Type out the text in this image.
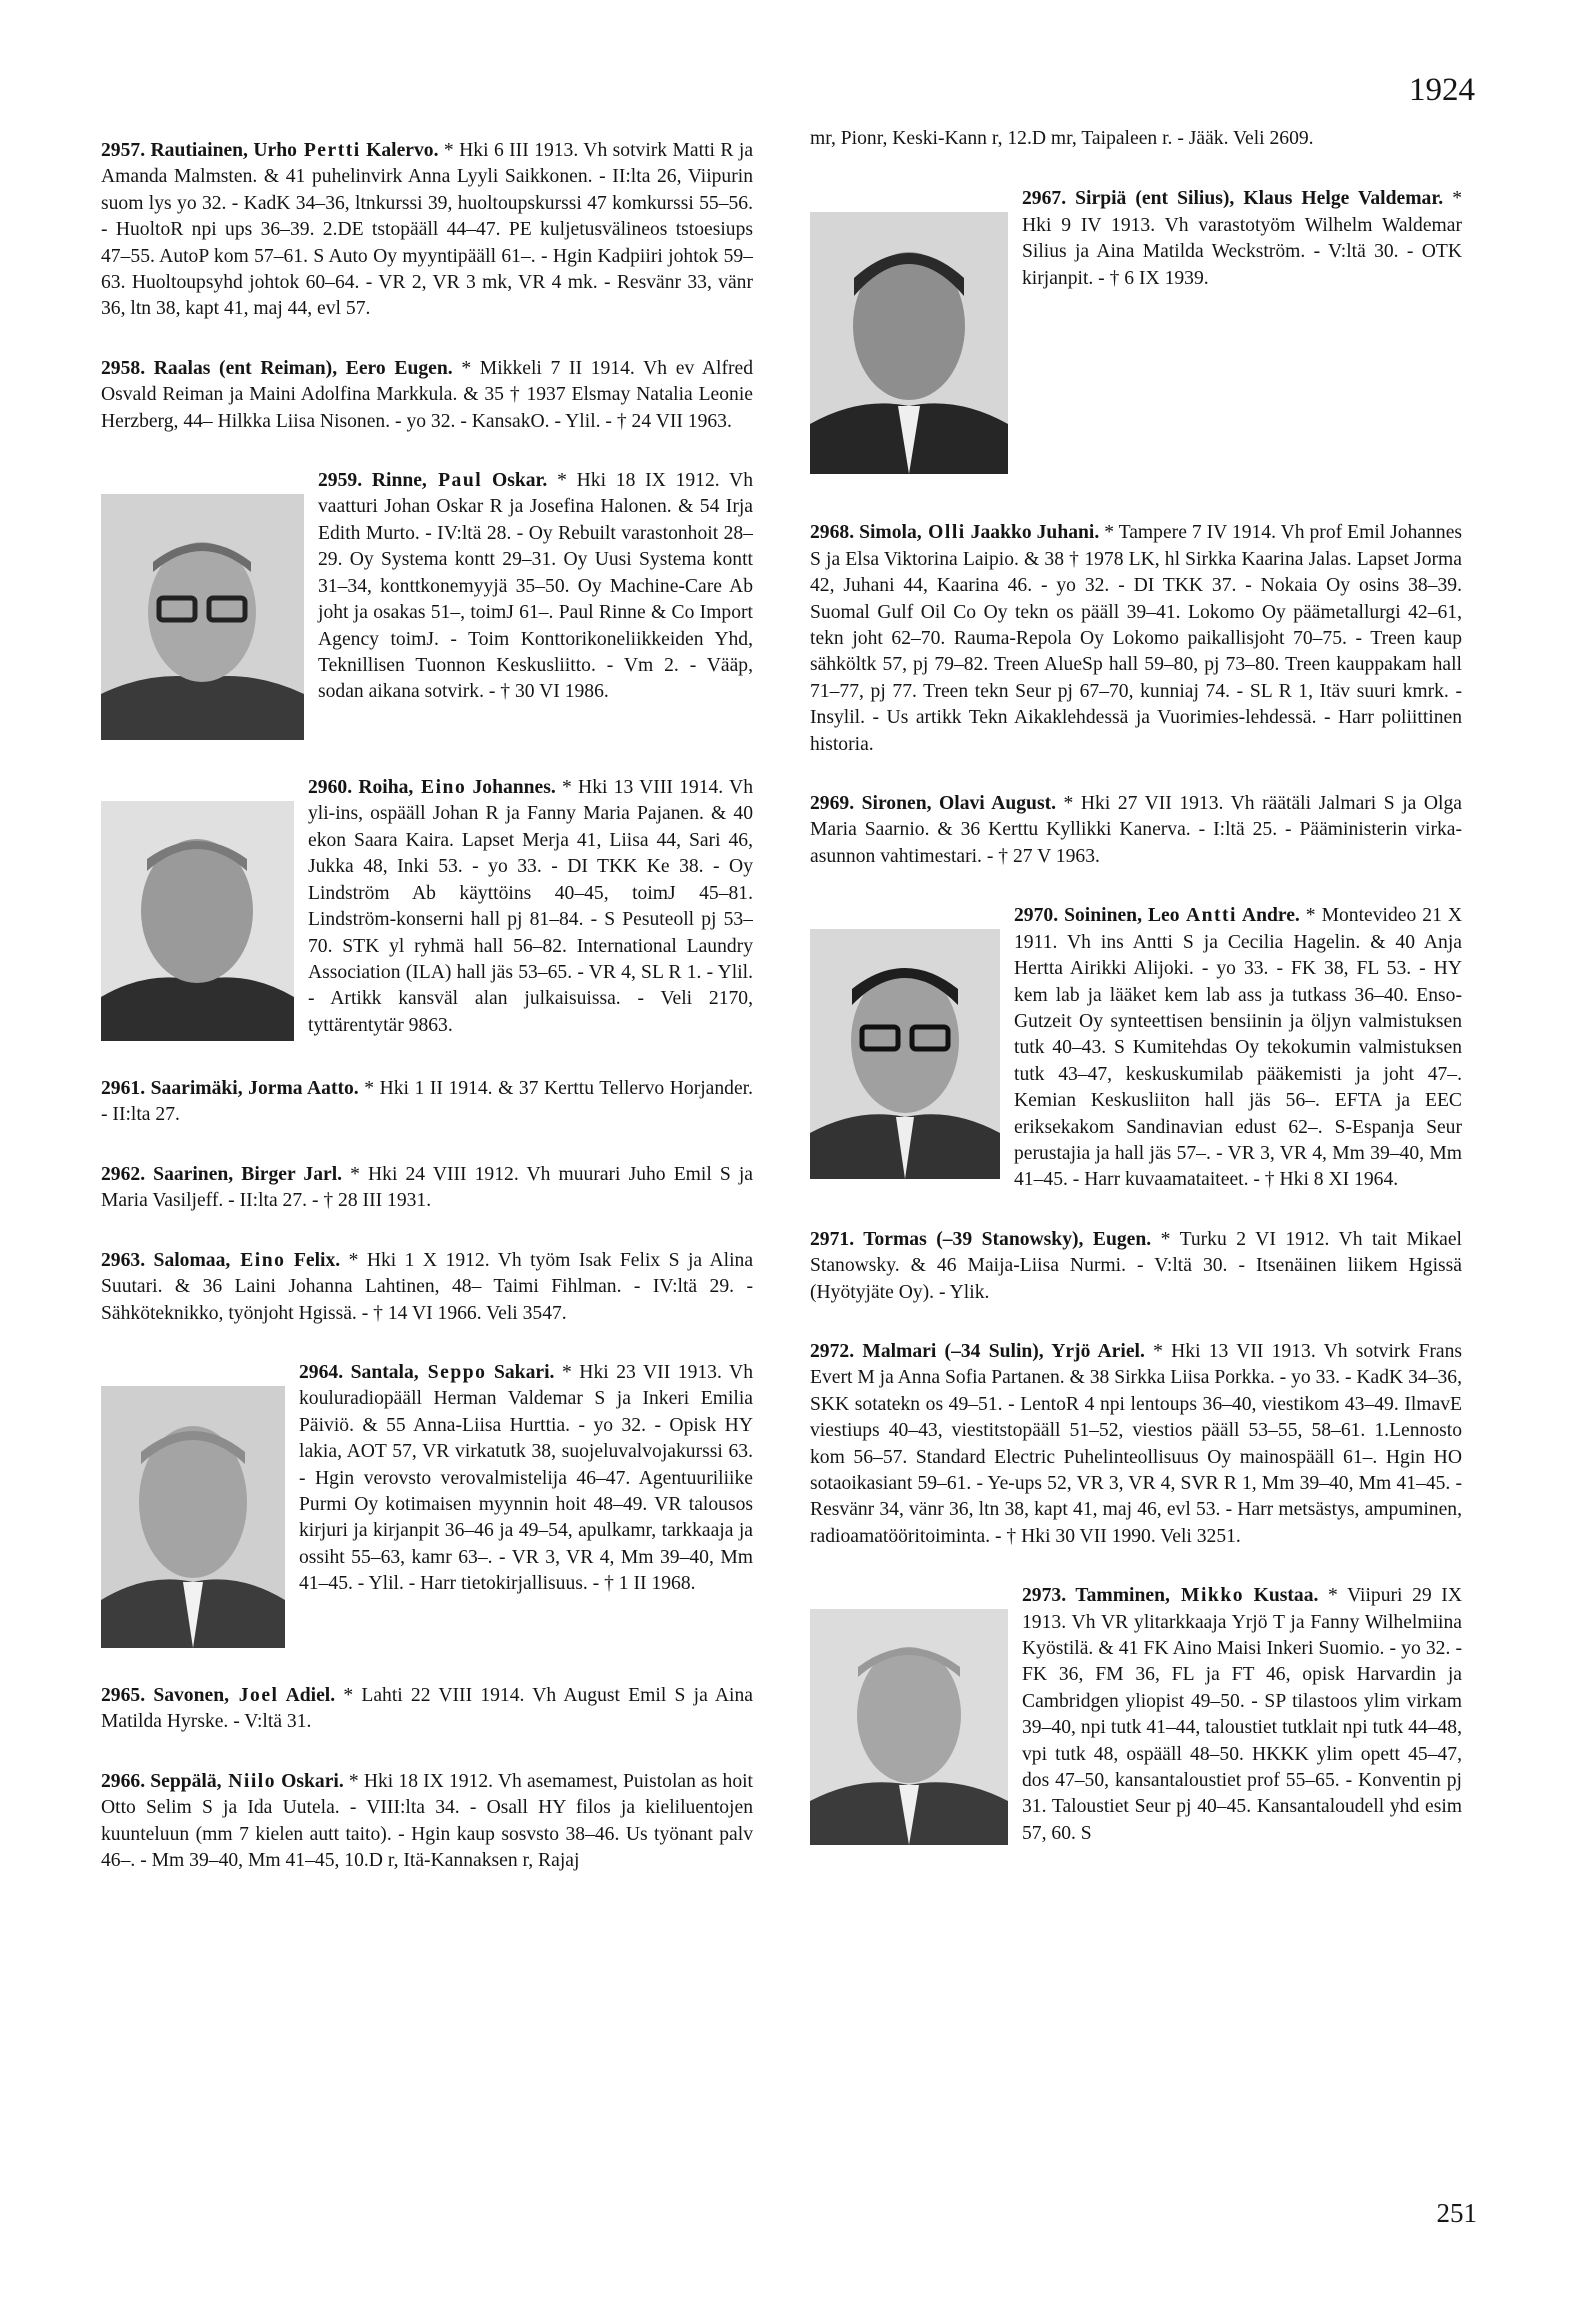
1924
2957. Rautiainen, Urho Pertti Kalervo. * Hki 6 III 1913. Vh sotvirk Matti R ja Amanda Malmsten. & 41 puhelinvirk Anna Lyyli Saikkonen. - II:lta 26, Viipurin suom lys yo 32. - KadK 34–36, ltnkurssi 39, huoltoupskurssi 47 komkurssi 55–56. - HuoltoR npi ups 36–39. 2.DE tstopääll 44–47. PE kuljetusvälineos tstoesiups 47–55. AutoP kom 57–61. S Auto Oy myyntipääll 61–. - Hgin Kadpiiri johtok 59–63. Huoltoupsyhd johtok 60–64. - VR 2, VR 3 mk, VR 4 mk. - Resvänr 33, vänr 36, ltn 38, kapt 41, maj 44, evl 57.
2958. Raalas (ent Reiman), Eero Eugen. * Mikkeli 7 II 1914. Vh ev Alfred Osvald Reiman ja Maini Adolfina Markkula. & 35 † 1937 Elsmay Natalia Leonie Herzberg, 44– Hilkka Liisa Nisonen. - yo 32. - KansakO. - Ylil. - † 24 VII 1963.
2959. Rinne, Paul Oskar. * Hki 18 IX 1912. Vh vaatturi Johan Oskar R ja Josefina Halonen. & 54 Irja Edith Murto. - IV:ltä 28. - Oy Rebuilt varastonhoit 28–29. Oy Systema kontt 29–31. Oy Uusi Systema kontt 31–34, konttkonemyyjä 35–50. Oy Machine-Care Ab joht ja osakas 51–, toimJ 61–. Paul Rinne & Co Import Agency toimJ. - Toim Konttorikoneliikkeiden Yhd, Teknillisen Tuonnon Keskusliitto. - Vm 2. - Vääp, sodan aikana sotvirk. - † 30 VI 1986.
2960. Roiha, Eino Johannes. * Hki 13 VIII 1914. Vh yli-ins, ospääll Johan R ja Fanny Maria Pajanen. & 40 ekon Saara Kaira. Lapset Merja 41, Liisa 44, Sari 46, Jukka 48, Inki 53. - yo 33. - DI TKK Ke 38. - Oy Lindström Ab käyttöins 40–45, toimJ 45–81. Lindström-konserni hall pj 81–84. - S Pesuteoll pj 53–70. STK yl ryhmä hall 56–82. International Laundry Association (ILA) hall jäs 53–65. - VR 4, SL R 1. - Ylil. - Artikk kansväl alan julkaisuissa. - Veli 2170, tyttärentytär 9863.
2961. Saarimäki, Jorma Aatto. * Hki 1 II 1914. & 37 Kerttu Tellervo Horjander. - II:lta 27.
2962. Saarinen, Birger Jarl. * Hki 24 VIII 1912. Vh muurari Juho Emil S ja Maria Vasiljeff. - II:lta 27. - † 28 III 1931.
2963. Salomaa, Eino Felix. * Hki 1 X 1912. Vh työm Isak Felix S ja Alina Suutari. & 36 Laini Johanna Lahtinen, 48– Taimi Fihlman. - IV:ltä 29. - Sähköteknikko, työnjoht Hgissä. - † 14 VI 1966. Veli 3547.
2964. Santala, Seppo Sakari. * Hki 23 VII 1913. Vh kouluradiopääll Herman Valdemar S ja Inkeri Emilia Päiviö. & 55 Anna-Liisa Hurttia. - yo 32. - Opisk HY lakia, AOT 57, VR virkatutk 38, suojeluvalvojakurssi 63. - Hgin verovsto verovalmistelija 46–47. Agentuuriliike Purmi Oy kotimaisen myynnin hoit 48–49. VR talousos kirjuri ja kirjanpit 36–46 ja 49–54, apulkamr, tarkkaaja ja ossiht 55–63, kamr 63–. - VR 3, VR 4, Mm 39–40, Mm 41–45. - Ylil. - Harr tietokirjallisuus. - † 1 II 1968.
2965. Savonen, Joel Adiel. * Lahti 22 VIII 1914. Vh August Emil S ja Aina Matilda Hyrske. - V:ltä 31.
2966. Seppälä, Niilo Oskari. * Hki 18 IX 1912. Vh asemamest, Puistolan as hoit Otto Selim S ja Ida Uutela. - VIII:lta 34. - Osall HY filos ja kieliluentojen kuunteluun (mm 7 kielen autt taito). - Hgin kaup sosvsto 38–46. Us työnant palv 46–. - Mm 39–40, Mm 41–45, 10.D r, Itä-Kannaksen r, Rajaj
mr, Pionr, Keski-Kann r, 12.D mr, Taipaleen r. - Jääk. Veli 2609.
2967. Sirpiä (ent Silius), Klaus Helge Valdemar. * Hki 9 IV 1913. Vh varastotyöm Wilhelm Waldemar Silius ja Aina Matilda Weckström. - V:ltä 30. - OTK kirjanpit. - † 6 IX 1939.
2968. Simola, Olli Jaakko Juhani. * Tampere 7 IV 1914. Vh prof Emil Johannes S ja Elsa Viktorina Laipio. & 38 † 1978 LK, hl Sirkka Kaarina Jalas. Lapset Jorma 42, Juhani 44, Kaarina 46. - yo 32. - DI TKK 37. - Nokaia Oy osins 38–39. Suomal Gulf Oil Co Oy tekn os pääll 39–41. Lokomo Oy päämetallurgi 42–61, tekn joht 62–70. Rauma-Repola Oy Lokomo paikallisjoht 70–75. - Treen kaup sähköltk 57, pj 79–82. Treen AlueSp hall 59–80, pj 73–80. Treen kauppakam hall 71–77, pj 77. Treen tekn Seur pj 67–70, kunniaj 74. - SL R 1, Itäv suuri kmrk. - Insylil. - Us artikk Tekn Aikaklehdessä ja Vuorimies-lehdessä. - Harr poliittinen historia.
2969. Sironen, Olavi August. * Hki 27 VII 1913. Vh räätäli Jalmari S ja Olga Maria Saarnio. & 36 Kerttu Kyllikki Kanerva. - I:ltä 25. - Pääministerin virka-asunnon vahtimestari. - † 27 V 1963.
2970. Soininen, Leo Antti Andre. * Montevideo 21 X 1911. Vh ins Antti S ja Cecilia Hagelin. & 40 Anja Hertta Airikki Alijoki. - yo 33. - FK 38, FL 53. - HY kem lab ja lääket kem lab ass ja tutkass 36–40. Enso-Gutzeit Oy synteettisen bensiinin ja öljyn valmistuksen tutk 40–43. S Kumitehdas Oy tekokumin valmistuksen tutk 43–47, keskuskumilab pääkemisti ja joht 47–. Kemian Keskusliiton hall jäs 56–. EFTA ja EEC eriksekakom Sandinavian edust 62–. S-Espanja Seur perustajia ja hall jäs 57–. - VR 3, VR 4, Mm 39–40, Mm 41–45. - Harr kuvaamataiteet. - † Hki 8 XI 1964.
2971. Tormas (–39 Stanowsky), Eugen. * Turku 2 VI 1912. Vh tait Mikael Stanowsky. & 46 Maija-Liisa Nurmi. - V:ltä 30. - Itsenäinen liikem Hgissä (Hyötyjäte Oy). - Ylik.
2972. Malmari (–34 Sulin), Yrjö Ariel. * Hki 13 VII 1913. Vh sotvirk Frans Evert M ja Anna Sofia Partanen. & 38 Sirkka Liisa Porkka. - yo 33. - KadK 34–36, SKK sotatekn os 49–51. - LentoR 4 npi lentoups 36–40, viestikom 43–49. IlmavE viestiups 40–43, viestitstopääll 51–52, viestios pääll 53–55, 58–61. 1.Lennosto kom 56–57. Standard Electric Puhelinteollisuus Oy mainospääll 61–. Hgin HO sotaoikasiant 59–61. - Ye-ups 52, VR 3, VR 4, SVR R 1, Mm 39–40, Mm 41–45. - Resvänr 34, vänr 36, ltn 38, kapt 41, maj 46, evl 53. - Harr metsästys, ampuminen, radioamatööritoiminta. - † Hki 30 VII 1990. Veli 3251.
2973. Tamminen, Mikko Kustaa. * Viipuri 29 IX 1913. Vh VR ylitarkkaaja Yrjö T ja Fanny Wilhelmiina Kyöstilä. & 41 FK Aino Maisi Inkeri Suomio. - yo 32. - FK 36, FM 36, FL ja FT 46, opisk Harvardin ja Cambridgen yliopist 49–50. - SP tilastoos ylim virkam 39–40, npi tutk 41–44, taloustiet tutklait npi tutk 44–48, vpi tutk 48, ospääll 48–50. HKKK ylim opett 45–47, dos 47–50, kansantaloustiet prof 55–65. - Konventin pj 31. Taloustiet Seur pj 40–45. Kansantaloudell yhd esim 57, 60. S
251
